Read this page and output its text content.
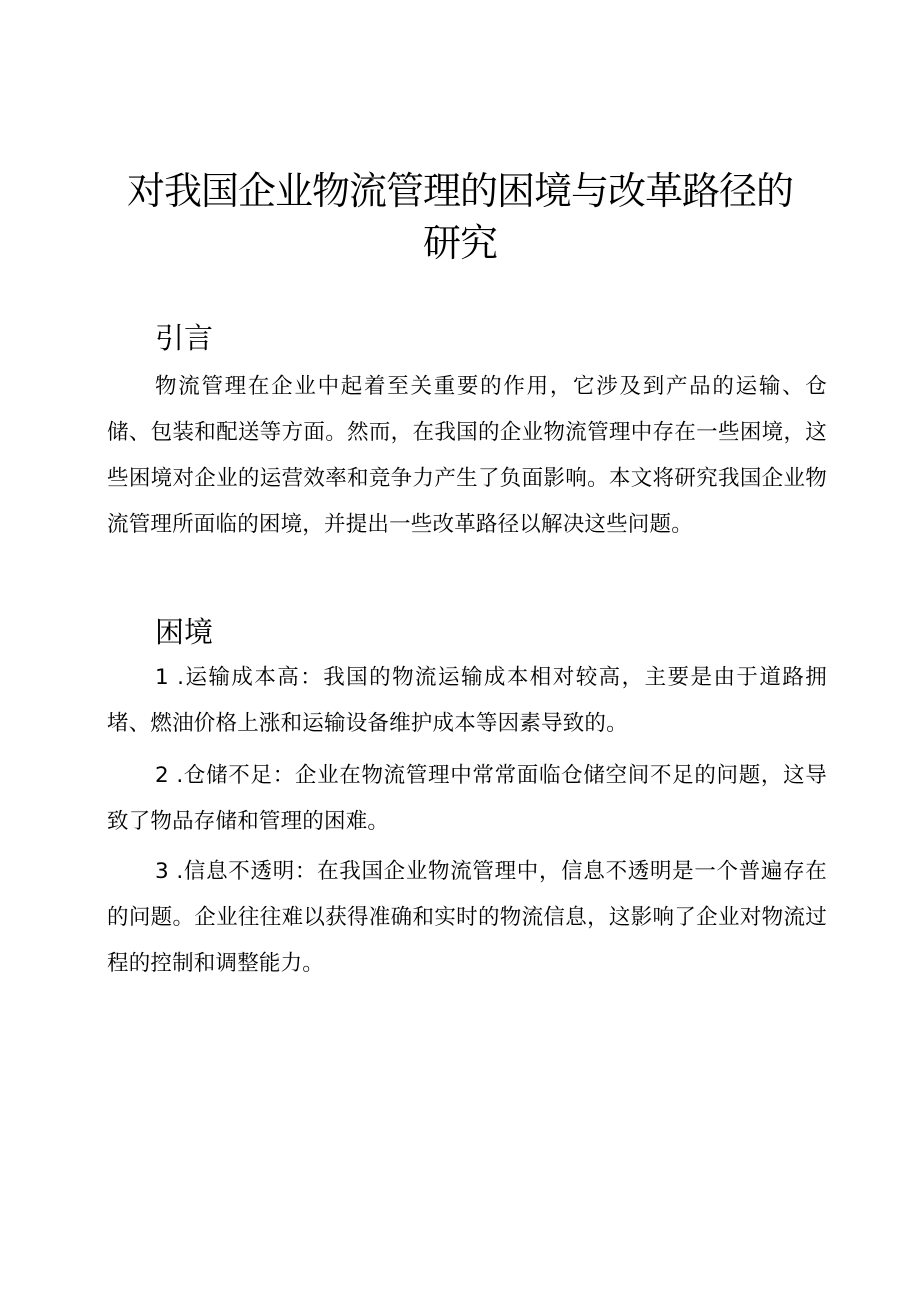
对我国企业物流管理的困境与改革路径的
研究
引言

物流管理在企业中起着至关重要的作用，它涉及到产品的运输、仓储、包装和配送等方面。然而，在我国的企业物流管理中存在一些困境，这些困境对企业的运营效率和竞争力产生了负面影响。本文将研究我国企业物流管理所面临的困境，并提出一些改革路径以解决这些问题。

困境

1 .运输成本高：我国的物流运输成本相对较高，主要是由于道路拥堵、燃油价格上涨和运输设备维护成本等因素导致的。

2 .仓储不足：企业在物流管理中常常面临仓储空间不足的问题，这导致了物品存储和管理的困难。

3 .信息不透明：在我国企业物流管理中，信息不透明是一个普遍存在的问题。企业往往难以获得准确和实时的物流信息，这影响了企业对物流过程的控制和调整能力。
